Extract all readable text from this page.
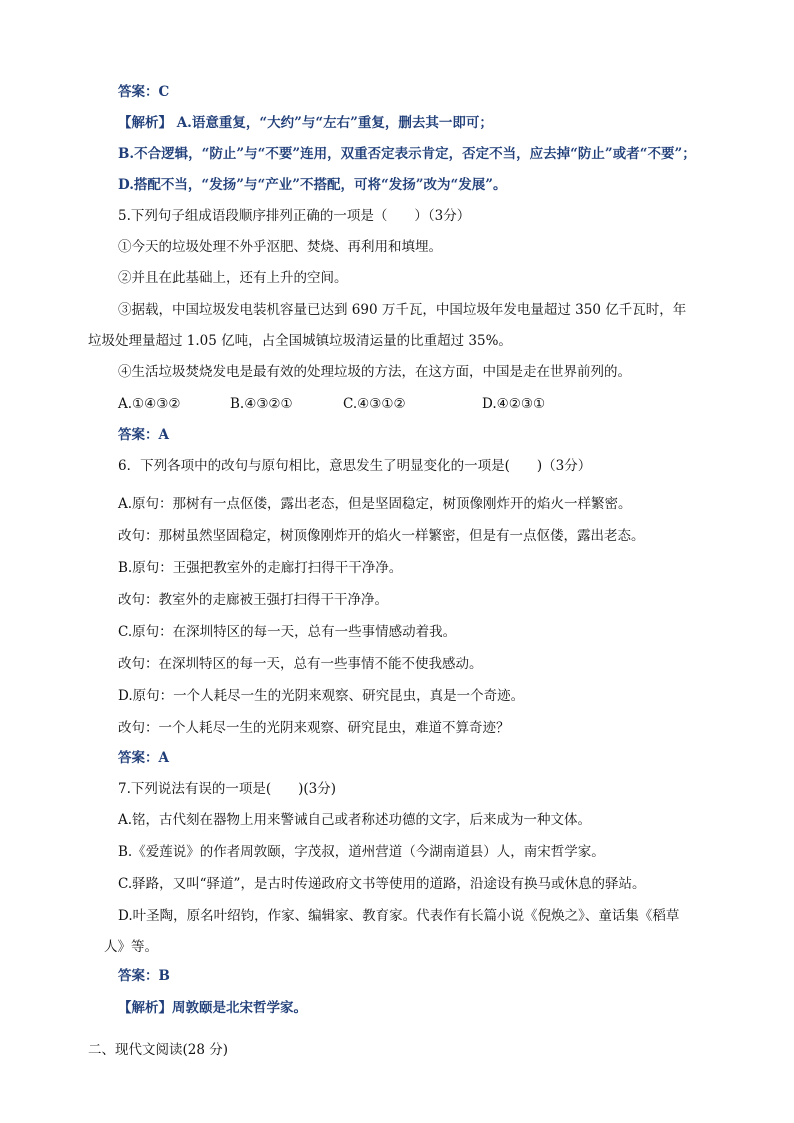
答案：C
【解析】 A.语意重复，“大约”与“左右”重复，删去其一即可；
B.不合逻辑，“防止”与“不要”连用，双重否定表示肯定，否定不当，应去掉“防止”或者“不要”；
D.搭配不当，“发扬”与“产业”不搭配，可将“发扬”改为“发展”。
5.下列句子组成语段顺序排列正确的一项是（　　）（3分）
①今天的垃圾处理不外乎沤肥、焚烧、再利用和填埋。
②并且在此基础上，还有上升的空间。
③据载，中国垃圾发电装机容量已达到 690 万千瓦，中国垃圾年发电量超过 350 亿千瓦时，年
垃圾处理量超过 1.05 亿吨，占全国城镇垃圾清运量的比重超过 35%。
④生活垃圾焚烧发电是最有效的处理垃圾的方法，在这方面，中国是走在世界前列的。
A.①④③②	B.④③②①	C.④③①②	D.④②③①
答案：A
6．下列各项中的改句与原句相比，意思发生了明显变化的一项是(　　)（3分）
A.原句：那树有一点伛偻，露出老态，但是坚固稳定，树顶像刚炸开的焰火一样繁密。
改句：那树虽然坚固稳定，树顶像刚炸开的焰火一样繁密，但是有一点伛偻，露出老态。
B.原句：王强把教室外的走廊打扫得干干净净。
改句：教室外的走廊被王强打扫得干干净净。
C.原句：在深圳特区的每一天，总有一些事情感动着我。
改句：在深圳特区的每一天，总有一些事情不能不使我感动。
D.原句：一个人耗尽一生的光阴来观察、研究昆虫，真是一个奇迹。
改句：一个人耗尽一生的光阴来观察、研究昆虫，难道不算奇迹？
答案：A
7.下列说法有误的一项是(　　)(3分)
A.铭，古代刻在器物上用来警诫自己或者称述功德的文字，后来成为一种文体。
B.《爱莲说》的作者周敦颐，字茂叔，道州营道（今湖南道县）人，南宋哲学家。
C.驿路，又叫“驿道”，是古时传递政府文书等使用的道路，沿途设有换马或休息的驿站。
D.叶圣陶，原名叶绍钧，作家、编辑家、教育家。代表作有长篇小说《倪焕之》、童话集《稻草
人》等。
答案：B
【解析】周敦颐是北宋哲学家。
二、现代文阅读(28 分)
